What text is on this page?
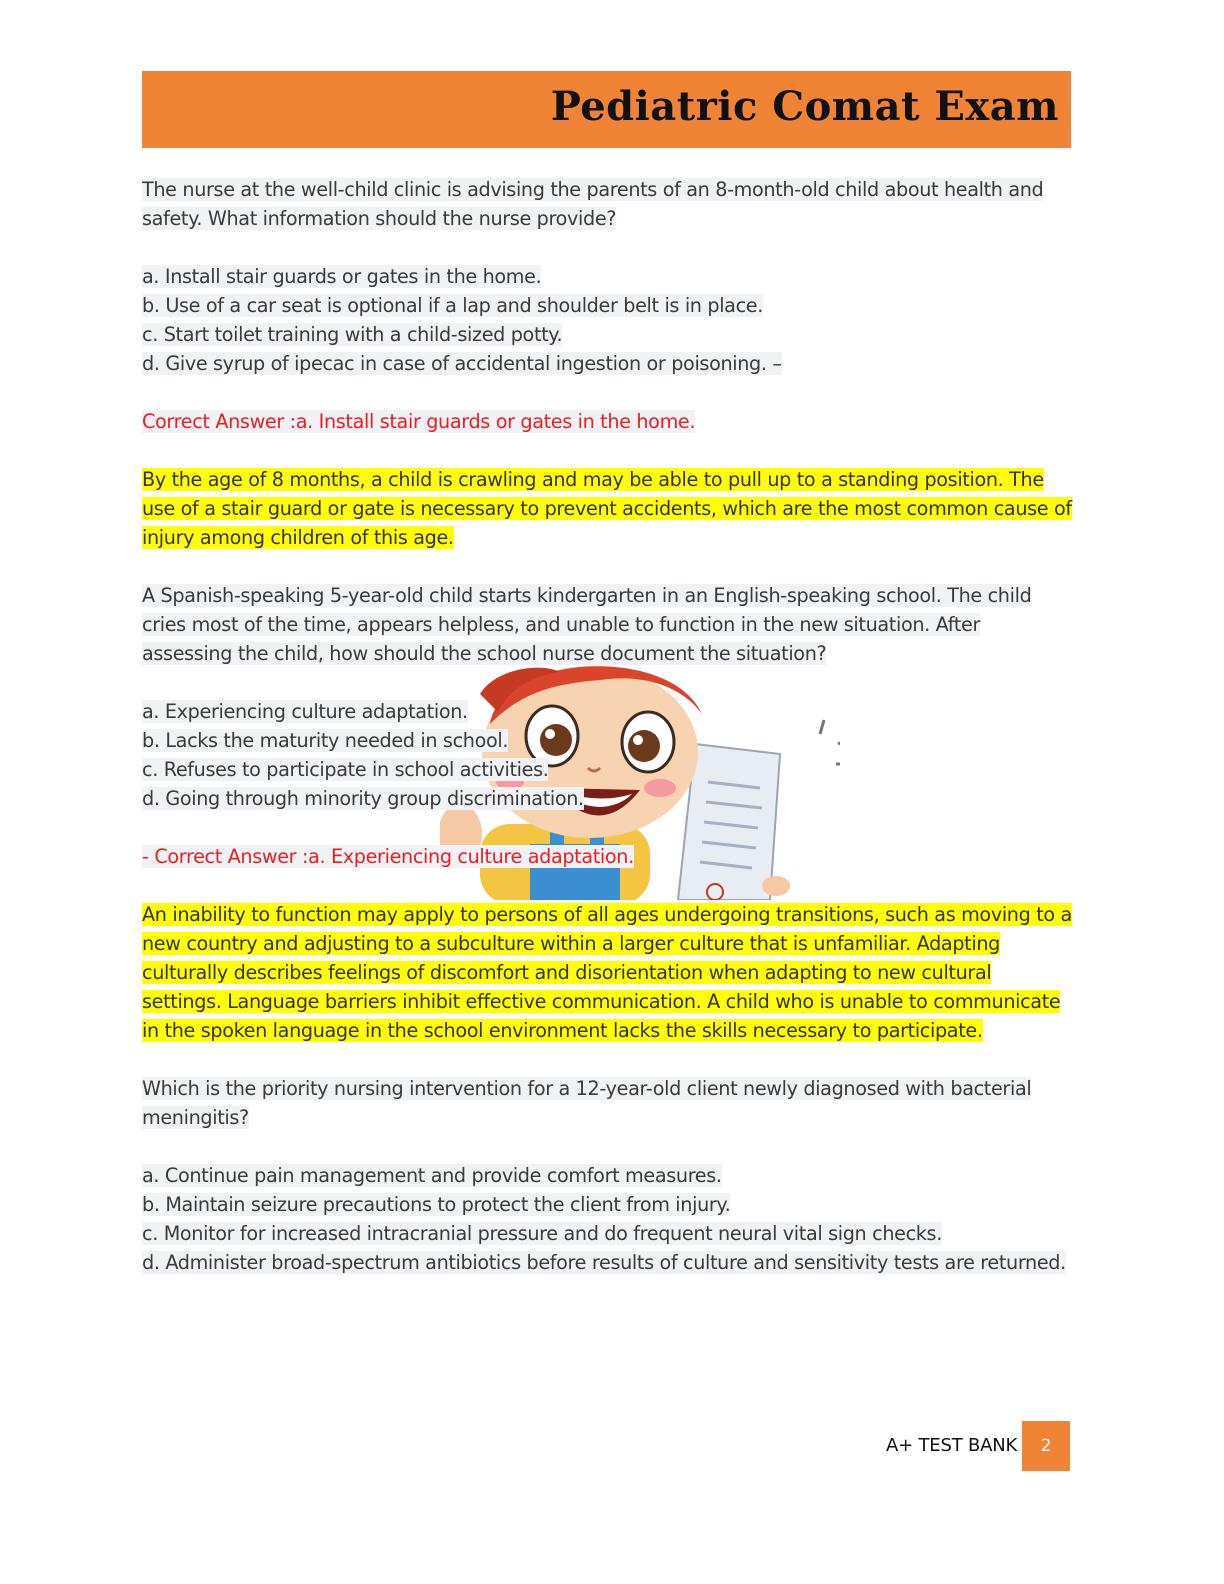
Pediatric Comat Exam

The nurse at the well-child clinic is advising the parents of an 8-month-old child about health and safety. What information should the nurse provide?

a. Install stair guards or gates in the home.

b. Use of a car seat is optional if a lap and shoulder belt is in place.

c. Start toilet training with a child-sized potty.

d. Give syrup of ipecac in case of accidental ingestion or poisoning. –

Correct Answer :a. Install stair guards or gates in the home.

By the age of 8 months, a child is crawling and may be able to pull up to a standing position. The use of a stair guard or gate is necessary to prevent accidents, which are the most common cause of injury among children of this age.

A Spanish-speaking 5-year-old child starts kindergarten in an English-speaking school. The child cries most of the time, appears helpless, and unable to function in the new situation. After assessing the child, how should the school nurse document the situation?

a. Experiencing culture adaptation.

b. Lacks the maturity needed in school.

c. Refuses to participate in school activities.

d. Going through minority group discrimination.

- Correct Answer :a. Experiencing culture adaptation.

An inability to function may apply to persons of all ages undergoing transitions, such as moving to a new country and adjusting to a subculture within a larger culture that is unfamiliar. Adapting culturally describes feelings of discomfort and disorientation when adapting to new cultural settings. Language barriers inhibit effective communication. A child who is unable to communicate in the spoken language in the school environment lacks the skills necessary to participate.

Which is the priority nursing intervention for a 12-year-old client newly diagnosed with bacterial meningitis?

a. Continue pain management and provide comfort measures.

b. Maintain seizure precautions to protect the client from injury.

c. Monitor for increased intracranial pressure and do frequent neural vital sign checks.

d. Administer broad-spectrum antibiotics before results of culture and sensitivity tests are returned.

A+ TEST BANK	2
